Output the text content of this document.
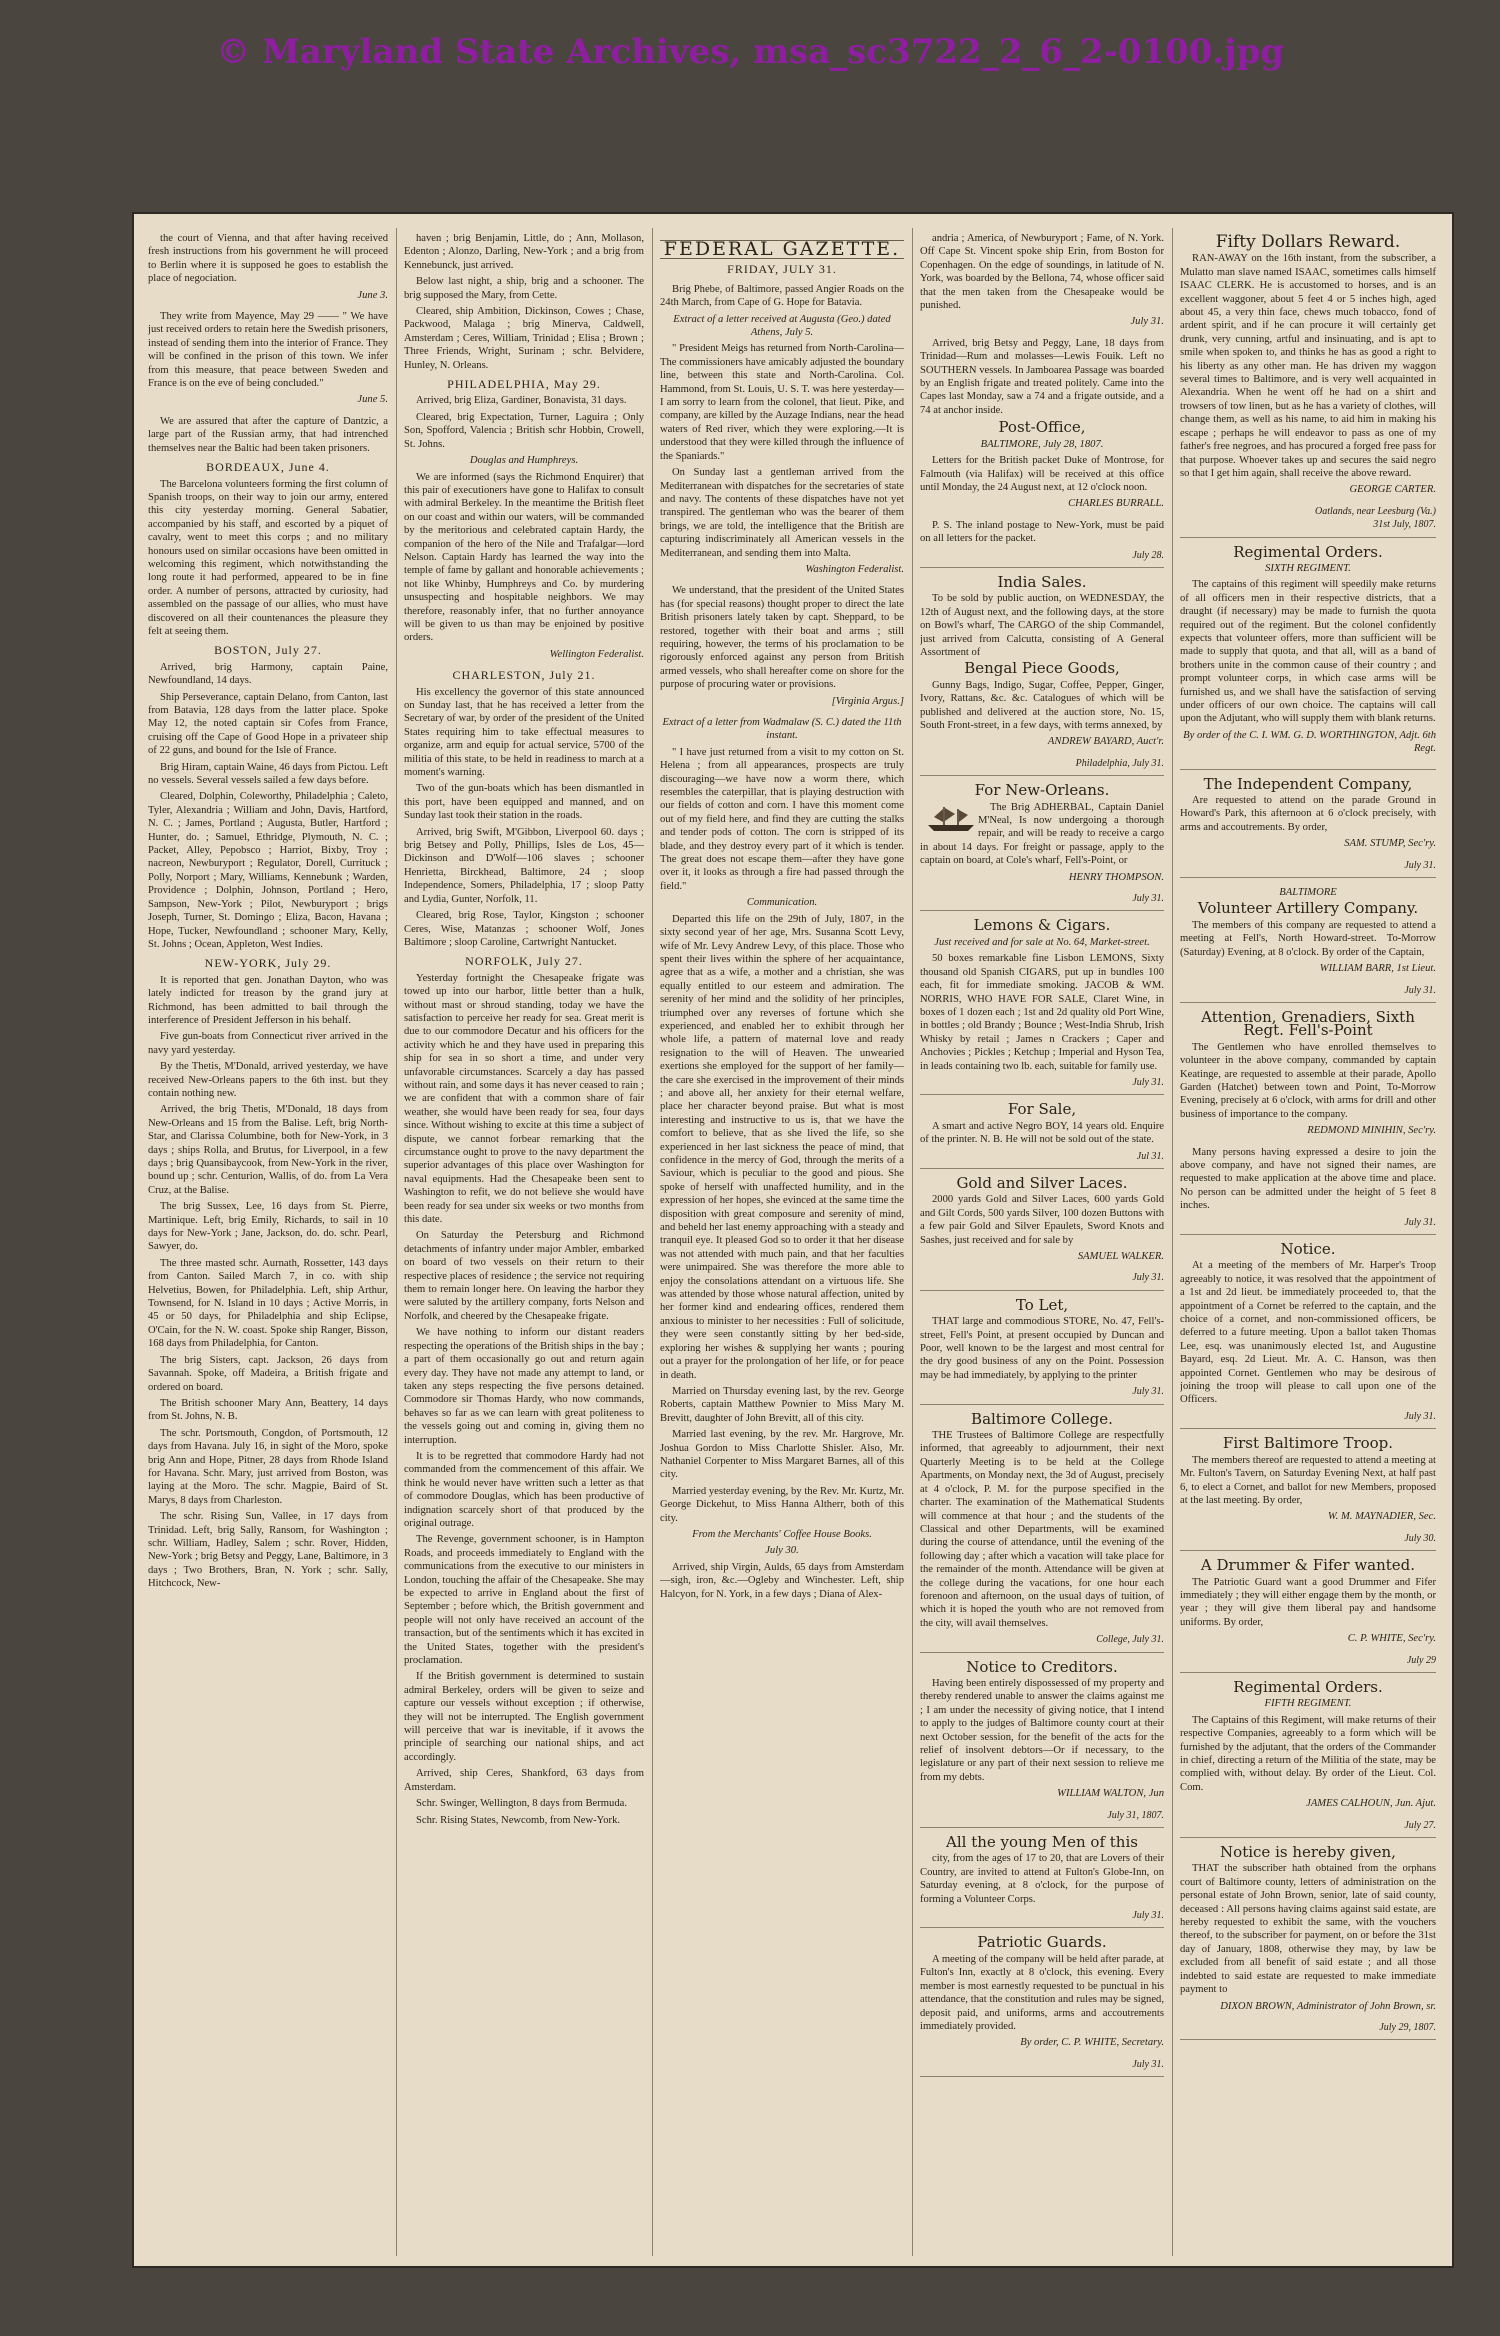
© Maryland State Archives, msa_sc3722_2_6_2-0100.jpg

the court of Vienna, and that after having received fresh instructions from his government he will proceed to Berlin where it is supposed he goes to establish the place of negociation.

June 3.

They write from Mayence, May 29 —— " We have just received orders to retain here the Swedish prisoners, instead of sending them into the interior of France. They will be confined in the prison of this town. We infer from this measure, that peace between Sweden and France is on the eve of being concluded."

June 5.

We are assured that after the capture of Dantzic, a large part of the Russian army, that had intrenched themselves near the Baltic had been taken prisoners.

BORDEAUX, June 4.

The Barcelona volunteers forming the first column of Spanish troops, on their way to join our army, entered this city yesterday morning. General Sabatier, accompanied by his staff, and escorted by a piquet of cavalry, went to meet this corps ; and no military honours used on similar occasions have been omitted in welcoming this regiment, which notwithstanding the long route it had performed, appeared to be in fine order. A number of persons, attracted by curiosity, had assembled on the passage of our allies, who must have discovered on all their countenances the pleasure they felt at seeing them.

BOSTON, July 27.

Arrived, brig Harmony, captain Paine, Newfoundland, 14 days.

Ship Perseverance, captain Delano, from Canton, last from Batavia, 128 days from the latter place. Spoke May 12, the noted captain sir Cofes from France, cruising off the Cape of Good Hope in a privateer ship of 22 guns, and bound for the Isle of France.

Brig Hiram, captain Waine, 46 days from Pictou. Left no vessels. Several vessels sailed a few days before.

Cleared, Dolphin, Coleworthy, Philadelphia ; Caleto, Tyler, Alexandria ; William and John, Davis, Hartford, N. C. ; James, Portland ; Augusta, Butler, Hartford ; Hunter, do. ; Samuel, Ethridge, Plymouth, N. C. ; Packet, Alley, Pepobsco ; Harriot, Bixby, Troy ; nacreon, Newburyport ; Regulator, Dorell, Currituck ; Polly, Norport ; Mary, Williams, Kennebunk ; Warden, Providence ; Dolphin, Johnson, Portland ; Hero, Sampson, New-York ; Pilot, Newburyport ; brigs Joseph, Turner, St. Domingo ; Eliza, Bacon, Havana ; Hope, Tucker, Newfoundland ; schooner Mary, Kelly, St. Johns ; Ocean, Appleton, West Indies.

NEW-YORK, July 29.

It is reported that gen. Jonathan Dayton, who was lately indicted for treason by the grand jury at Richmond, has been admitted to bail through the interference of President Jefferson in his behalf.

Five gun-boats from Connecticut river arrived in the navy yard yesterday.

By the Thetis, M'Donald, arrived yesterday, we have received New-Orleans papers to the 6th inst. but they contain nothing new.

Arrived, the brig Thetis, M'Donald, 18 days from New-Orleans and 15 from the Balise. Left, brig North-Star, and Clarissa Columbine, both for New-York, in 3 days ; ships Rolla, and Brutus, for Liverpool, in a few days ; brig Quansibaycook, from New-York in the river, bound up ; schr. Centurion, Wallis, of do. from La Vera Cruz, at the Balise.

The brig Sussex, Lee, 16 days from St. Pierre, Martinique. Left, brig Emily, Richards, to sail in 10 days for New-York ; Jane, Jackson, do. do. schr. Pearl, Sawyer, do.

The three masted schr. Aurnath, Rossetter, 143 days from Canton. Sailed March 7, in co. with ship Helvetius, Bowen, for Philadelphia. Left, ship Arthur, Townsend, for N. Island in 10 days ; Active Morris, in 45 or 50 days, for Philadelphia and ship Eclipse, O'Cain, for the N. W. coast. Spoke ship Ranger, Bisson, 168 days from Philadelphia, for Canton.

The brig Sisters, capt. Jackson, 26 days from Savannah. Spoke, off Madeira, a British frigate and ordered on board.

The British schooner Mary Ann, Beattery, 14 days from St. Johns, N. B.

The schr. Portsmouth, Congdon, of Portsmouth, 12 days from Havana. July 16, in sight of the Moro, spoke brig Ann and Hope, Pitner, 28 days from Rhode Island for Havana. Schr. Mary, just arrived from Boston, was laying at the Moro. The schr. Magpie, Baird of St. Marys, 8 days from Charleston.

The schr. Rising Sun, Vallee, in 17 days from Trinidad. Left, brig Sally, Ransom, for Washington ; schr. William, Hadley, Salem ; schr. Rover, Hidden, New-York ; brig Betsy and Peggy, Lane, Baltimore, in 3 days ; Two Brothers, Bran, N. York ; schr. Sally, Hitchcock, New-

haven ; brig Benjamin, Little, do ; Ann, Mollason, Edenton ; Alonzo, Darling, New-York ; and a brig from Kennebunck, just arrived.

Below last night, a ship, brig and a schooner. The brig supposed the Mary, from Cette.

Cleared, ship Ambition, Dickinson, Cowes ; Chase, Packwood, Malaga ; brig Minerva, Caldwell, Amsterdam ; Ceres, William, Trinidad ; Elisa ; Brown ; Three Friends, Wright, Surinam ; schr. Belvidere, Hunley, N. Orleans.

PHILADELPHIA, May 29.

Arrived, brig Eliza, Gardiner, Bonavista, 31 days.

Cleared, brig Expectation, Turner, Laguira ; Only Son, Spofford, Valencia ; British schr Hobbin, Crowell, St. Johns.

Douglas and Humphreys.

We are informed (says the Richmond Enquirer) that this pair of executioners have gone to Halifax to consult with admiral Berkeley. In the meantime the British fleet on our coast and within our waters, will be commanded by the meritorious and celebrated captain Hardy, the companion of the hero of the Nile and Trafalgar—lord Nelson. Captain Hardy has learned the way into the temple of fame by gallant and honorable achievements ; not like Whinby, Humphreys and Co. by murdering unsuspecting and hospitable neighbors. We may therefore, reasonably infer, that no further annoyance will be given to us than may be enjoined by positive orders.

Wellington Federalist.
CHARLESTON, July 21.

His excellency the governor of this state announced on Sunday last, that he has received a letter from the Secretary of war, by order of the president of the United States requiring him to take effectual measures to organize, arm and equip for actual service, 5700 of the militia of this state, to be held in readiness to march at a moment's warning.

Two of the gun-boats which has been dismantled in this port, have been equipped and manned, and on Sunday last took their station in the roads.

Arrived, brig Swift, M'Gibbon, Liverpool 60. days ; brig Betsey and Polly, Phillips, Isles de Los, 45—Dickinson and D'Wolf—106 slaves ; schooner Henrietta, Birckhead, Baltimore, 24 ; sloop Independence, Somers, Philadelphia, 17 ; sloop Patty and Lydia, Gunter, Norfolk, 11.

Cleared, brig Rose, Taylor, Kingston ; schooner Ceres, Wise, Matanzas ; schooner Wolf, Jones Baltimore ; sloop Caroline, Cartwright Nantucket.

NORFOLK, July 27.

Yesterday fortnight the Chesapeake frigate was towed up into our harbor, little better than a hulk, without mast or shroud standing, today we have the satisfaction to perceive her ready for sea. Great merit is due to our commodore Decatur and his officers for the activity which he and they have used in preparing this ship for sea in so short a time, and under very unfavorable circumstances. Scarcely a day has passed without rain, and some days it has never ceased to rain ; we are confident that with a common share of fair weather, she would have been ready for sea, four days since. Without wishing to excite at this time a subject of dispute, we cannot forbear remarking that the circumstance ought to prove to the navy department the superior advantages of this place over Washington for naval equipments. Had the Chesapeake been sent to Washington to refit, we do not believe she would have been ready for sea under six weeks or two months from this date.

On Saturday the Petersburg and Richmond detachments of infantry under major Ambler, embarked on board of two vessels on their return to their respective places of residence ; the service not requiring them to remain longer here. On leaving the harbor they were saluted by the artillery company, forts Nelson and Norfolk, and cheered by the Chesapeake frigate.

We have nothing to inform our distant readers respecting the operations of the British ships in the bay ; a part of them occasionally go out and return again every day. They have not made any attempt to land, or taken any steps respecting the five persons detained. Commodore sir Thomas Hardy, who now commands, behaves so far as we can learn with great politeness to the vessels going out and coming in, giving them no interruption.

It is to be regretted that commodore Hardy had not commanded from the commencement of this affair. We think he would never have written such a letter as that of commodore Douglas, which has been productive of indignation scarcely short of that produced by the original outrage.

The Revenge, government schooner, is in Hampton Roads, and proceeds immediately to England with the communications from the executive to our ministers in London, touching the affair of the Chesapeake. She may be expected to arrive in England about the first of September ; before which, the British government and people will not only have received an account of the transaction, but of the sentiments which it has excited in the United States, together with the president's proclamation.

If the British government is determined to sustain admiral Berkeley, orders will be given to seize and capture our vessels without exception ; if otherwise, they will not be interrupted. The English government will perceive that war is inevitable, if it avows the principle of searching our national ships, and act accordingly.

Arrived, ship Ceres, Shankford, 63 days from Amsterdam.

Schr. Swinger, Wellington, 8 days from Bermuda.

Schr. Rising States, Newcomb, from New-York.

FEDERAL GAZETTE.
FRIDAY, JULY 31.

Brig Phebe, of Baltimore, passed Angier Roads on the 24th March, from Cape of G. Hope for Batavia.

Extract of a letter received at Augusta (Geo.) dated Athens, July 5.

" President Meigs has returned from North-Carolina—The commissioners have amicably adjusted the boundary line, between this state and North-Carolina. Col. Hammond, from St. Louis, U. S. T. was here yesterday—I am sorry to learn from the colonel, that lieut. Pike, and company, are killed by the Auzage Indians, near the head waters of Red river, which they were exploring.—It is understood that they were killed through the influence of the Spaniards."

On Sunday last a gentleman arrived from the Mediterranean with dispatches for the secretaries of state and navy. The contents of these dispatches have not yet transpired. The gentleman who was the bearer of them brings, we are told, the intelligence that the British are capturing indiscriminately all American vessels in the Mediterranean, and sending them into Malta.

Washington Federalist.

We understand, that the president of the United States has (for special reasons) thought proper to direct the late British prisoners lately taken by capt. Sheppard, to be restored, together with their boat and arms ; still requiring, however, the terms of his proclamation to be rigorously enforced against any person from British armed vessels, who shall hereafter come on shore for the purpose of procuring water or provisions.

[Virginia Argus.]
Extract of a letter from Wadmalaw (S. C.) dated the 11th instant.

" I have just returned from a visit to my cotton on St. Helena ; from all appearances, prospects are truly discouraging—we have now a worm there, which resembles the caterpillar, that is playing destruction with our fields of cotton and corn. I have this moment come out of my field here, and find they are cutting the stalks and tender pods of cotton. The corn is stripped of its blade, and they destroy every part of it which is tender. The great does not escape them—after they have gone over it, it looks as through a fire had passed through the field."

Communication.

Departed this life on the 29th of July, 1807, in the sixty second year of her age, Mrs. Susanna Scott Levy, wife of Mr. Levy Andrew Levy, of this place. Those who spent their lives within the sphere of her acquaintance, agree that as a wife, a mother and a christian, she was equally entitled to our esteem and admiration. The serenity of her mind and the solidity of her principles, triumphed over any reverses of fortune which she experienced, and enabled her to exhibit through her whole life, a pattern of maternal love and ready resignation to the will of Heaven. The unwearied exertions she employed for the support of her family—the care she exercised in the improvement of their minds ; and above all, her anxiety for their eternal welfare, place her character beyond praise. But what is most interesting and instructive to us is, that we have the comfort to believe, that as she lived the life, so she experienced in her last sickness the peace of mind, that confidence in the mercy of God, through the merits of a Saviour, which is peculiar to the good and pious. She spoke of herself with unaffected humility, and in the expression of her hopes, she evinced at the same time the disposition with great composure and serenity of mind, and beheld her last enemy approaching with a steady and tranquil eye. It pleased God so to order it that her disease was not attended with much pain, and that her faculties were unimpaired. She was therefore the more able to enjoy the consolations attendant on a virtuous life. She was attended by those whose natural affection, united by her former kind and endearing offices, rendered them anxious to minister to her necessities : Full of solicitude, they were seen constantly sitting by her bed-side, exploring her wishes & supplying her wants ; pouring out a prayer for the prolongation of her life, or for peace in death.

Married on Thursday evening last, by the rev. George Roberts, captain Matthew Pownier to Miss Mary M. Brevitt, daughter of John Brevitt, all of this city.

Married last evening, by the rev. Mr. Hargrove, Mr. Joshua Gordon to Miss Charlotte Shisler. Also, Mr. Nathaniel Corpenter to Miss Margaret Barnes, all of this city.

Married yesterday evening, by the Rev. Mr. Kurtz, Mr. George Dickehut, to Miss Hanna Altherr, both of this city.

From the Merchants' Coffee House Books.
July 30.

Arrived, ship Virgin, Aulds, 65 days from Amsterdam—sigh, iron, &c.—Ogleby and Winchester. Left, ship Halcyon, for N. York, in a few days ; Diana of Alex-

andria ; America, of Newburyport ; Fame, of N. York. Off Cape St. Vincent spoke ship Erin, from Boston for Copenhagen. On the edge of soundings, in latitude of N. York, was boarded by the Bellona, 74, whose officer said that the men taken from the Chesapeake would be punished.

July 31.

Arrived, brig Betsy and Peggy, Lane, 18 days from Trinidad—Rum and molasses—Lewis Fouik. Left no SOUTHERN vessels. In Jamboarea Passage was boarded by an English frigate and treated politely. Came into the Capes last Monday, saw a 74 and a frigate outside, and a 74 at anchor inside.

Post-Office,
BALTIMORE, July 28, 1807.

Letters for the British packet Duke of Montrose, for Falmouth (via Halifax) will be received at this office until Monday, the 24 August next, at 12 o'clock noon.

CHARLES BURRALL.

P. S. The inland postage to New-York, must be paid on all letters for the packet.

July 28.
India Sales.

To be sold by public auction, on WEDNESDAY, the 12th of August next, and the following days, at the store on Bowl's wharf, The CARGO of the ship Commandel, just arrived from Calcutta, consisting of A General Assortment of

Bengal Piece Goods,

Gunny Bags, Indigo, Sugar, Coffee, Pepper, Ginger, Ivory, Rattans, &c. &c. Catalogues of which will be published and delivered at the auction store, No. 15, South Front-street, in a few days, with terms annexed, by

ANDREW BAYARD, Auct'r.
Philadelphia, July 31.
For New-Orleans.

The Brig ADHERBAL, Captain Daniel M'Neal, Is now undergoing a thorough repair, and will be ready to receive a cargo in about 14 days. For freight or passage, apply to the captain on board, at Cole's wharf, Fell's-Point, or

HENRY THOMPSON.
July 31.
Lemons & Cigars.
Just received and for sale at No. 64, Market-street.

50 boxes remarkable fine Lisbon LEMONS, Sixty thousand old Spanish CIGARS, put up in bundles 100 each, fit for immediate smoking. JACOB & WM. NORRIS, WHO HAVE FOR SALE, Claret Wine, in boxes of 1 dozen each ; 1st and 2d quality old Port Wine, in bottles ; old Brandy ; Bounce ; West-India Shrub, Irish Whisky by retail ; James n Crackers ; Caper and Anchovies ; Pickles ; Ketchup ; Imperial and Hyson Tea, in leads containing two lb. each, suitable for family use.

July 31.
For Sale,

A smart and active Negro BOY, 14 years old. Enquire of the printer. N. B. He will not be sold out of the state.

Jul 31.
Gold and Silver Laces.

2000 yards Gold and Silver Laces, 600 yards Gold and Gilt Cords, 500 yards Silver, 100 dozen Buttons with a few pair Gold and Silver Epaulets, Sword Knots and Sashes, just received and for sale by

SAMUEL WALKER.
July 31.
To Let,

THAT large and commodious STORE, No. 47, Fell's-street, Fell's Point, at present occupied by Duncan and Poor, well known to be the largest and most central for the dry good business of any on the Point. Possession may be had immediately, by applying to the printer

July 31.
Baltimore College.

THE Trustees of Baltimore College are respectfully informed, that agreeably to adjournment, their next Quarterly Meeting is to be held at the College Apartments, on Monday next, the 3d of August, precisely at 4 o'clock, P. M. for the purpose specified in the charter. The examination of the Mathematical Students will commence at that hour ; and the students of the Classical and other Departments, will be examined during the course of attendance, until the evening of the following day ; after which a vacation will take place for the remainder of the month. Attendance will be given at the college during the vacations, for one hour each forenoon and afternoon, on the usual days of tuition, of which it is hoped the youth who are not removed from the city, will avail themselves.

College, July 31.
Notice to Creditors.

Having been entirely dispossessed of my property and thereby rendered unable to answer the claims against me ; I am under the necessity of giving notice, that I intend to apply to the judges of Baltimore county court at their next October session, for the benefit of the acts for the relief of insolvent debtors—Or if necessary, to the legislature or any part of their next session to relieve me from my debts.

WILLIAM WALTON, Jun
July 31, 1807.
All the young Men of this

city, from the ages of 17 to 20, that are Lovers of their Country, are invited to attend at Fulton's Globe-Inn, on Saturday evening, at 8 o'clock, for the purpose of forming a Volunteer Corps.

July 31.
Patriotic Guards.

A meeting of the company will be held after parade, at Fulton's Inn, exactly at 8 o'clock, this evening. Every member is most earnestly requested to be punctual in his attendance, that the constitution and rules may be signed, deposit paid, and uniforms, arms and accoutrements immediately provided.

By order, C. P. WHITE, Secretary.
July 31.
Fifty Dollars Reward.

RAN-AWAY on the 16th instant, from the subscriber, a Mulatto man slave named ISAAC, sometimes calls himself ISAAC CLERK. He is accustomed to horses, and is an excellent waggoner, about 5 feet 4 or 5 inches high, aged about 45, a very thin face, chews much tobacco, fond of ardent spirit, and if he can procure it will certainly get drunk, very cunning, artful and insinuating, and is apt to smile when spoken to, and thinks he has as good a right to his liberty as any other man. He has driven my waggon several times to Baltimore, and is very well acquainted in Alexandria. When he went off he had on a shirt and trowsers of tow linen, but as he has a variety of clothes, will change them, as well as his name, to aid him in making his escape ; perhaps he will endeavor to pass as one of my father's free negroes, and has procured a forged free pass for that purpose. Whoever takes up and secures the said negro so that I get him again, shall receive the above reward.

GEORGE CARTER.
Oatlands, near Leesburg (Va.)
31st July, 1807.
Regimental Orders.
SIXTH REGIMENT.

The captains of this regiment will speedily make returns of all officers men in their respective districts, that a draught (if necessary) may be made to furnish the quota required out of the regiment. But the colonel confidently expects that volunteer offers, more than sufficient will be made to supply that quota, and that all, will as a band of brothers unite in the common cause of their country ; and prompt volunteer corps, in which case arms will be furnished us, and we shall have the satisfaction of serving under officers of our own choice. The captains will call upon the Adjutant, who will supply them with blank returns.

By order of the C. I. WM. G. D. WORTHINGTON, Adjt. 6th Regt.
The Independent Company,

Are requested to attend on the parade Ground in Howard's Park, this afternoon at 6 o'clock precisely, with arms and accoutrements. By order,

SAM. STUMP, Sec'ry.
July 31.
BALTIMORE
Volunteer Artillery Company.

The members of this company are requested to attend a meeting at Fell's, North Howard-street. To-Morrow (Saturday) Evening, at 8 o'clock. By order of the Captain,

WILLIAM BARR, 1st Lieut.
July 31.
Attention, Grenadiers, Sixth Regt. Fell's-Point

The Gentlemen who have enrolled themselves to volunteer in the above company, commanded by captain Keatinge, are requested to assemble at their parade, Apollo Garden (Hatchet) between town and Point, To-Morrow Evening, precisely at 6 o'clock, with arms for drill and other business of importance to the company.

REDMOND MINIHIN, Sec'ry.

Many persons having expressed a desire to join the above company, and have not signed their names, are requested to make application at the above time and place. No person can be admitted under the height of 5 feet 8 inches.

July 31.
Notice.

At a meeting of the members of Mr. Harper's Troop agreeably to notice, it was resolved that the appointment of a 1st and 2d lieut. be immediately proceeded to, that the appointment of a Cornet be referred to the captain, and the choice of a cornet, and non-commissioned officers, be deferred to a future meeting. Upon a ballot taken Thomas Lee, esq. was unanimously elected 1st, and Augustine Bayard, esq. 2d Lieut. Mr. A. C. Hanson, was then appointed Cornet. Gentlemen who may be desirous of joining the troop will please to call upon one of the Officers.

July 31.
First Baltimore Troop.

The members thereof are requested to attend a meeting at Mr. Fulton's Tavern, on Saturday Evening Next, at half past 6, to elect a Cornet, and ballot for new Members, proposed at the last meeting. By order,

W. M. MAYNADIER, Sec.
July 30.
A Drummer & Fifer wanted.

The Patriotic Guard want a good Drummer and Fifer immediately ; they will either engage them by the month, or year ; they will give them liberal pay and handsome uniforms. By order,

C. P. WHITE, Sec'ry.
July 29
Regimental Orders.
FIFTH REGIMENT.

The Captains of this Regiment, will make returns of their respective Companies, agreeably to a form which will be furnished by the adjutant, that the orders of the Commander in chief, directing a return of the Militia of the state, may be complied with, without delay. By order of the Lieut. Col. Com.

JAMES CALHOUN, Jun. Ajut.
July 27.
Notice is hereby given,

THAT the subscriber hath obtained from the orphans court of Baltimore county, letters of administration on the personal estate of John Brown, senior, late of said county, deceased : All persons having claims against said estate, are hereby requested to exhibit the same, with the vouchers thereof, to the subscriber for payment, on or before the 31st day of January, 1808, otherwise they may, by law be excluded from all benefit of said estate ; and all those indebted to said estate are requested to make immediate payment to

DIXON BROWN, Administrator of John Brown, sr.
July 29, 1807.
